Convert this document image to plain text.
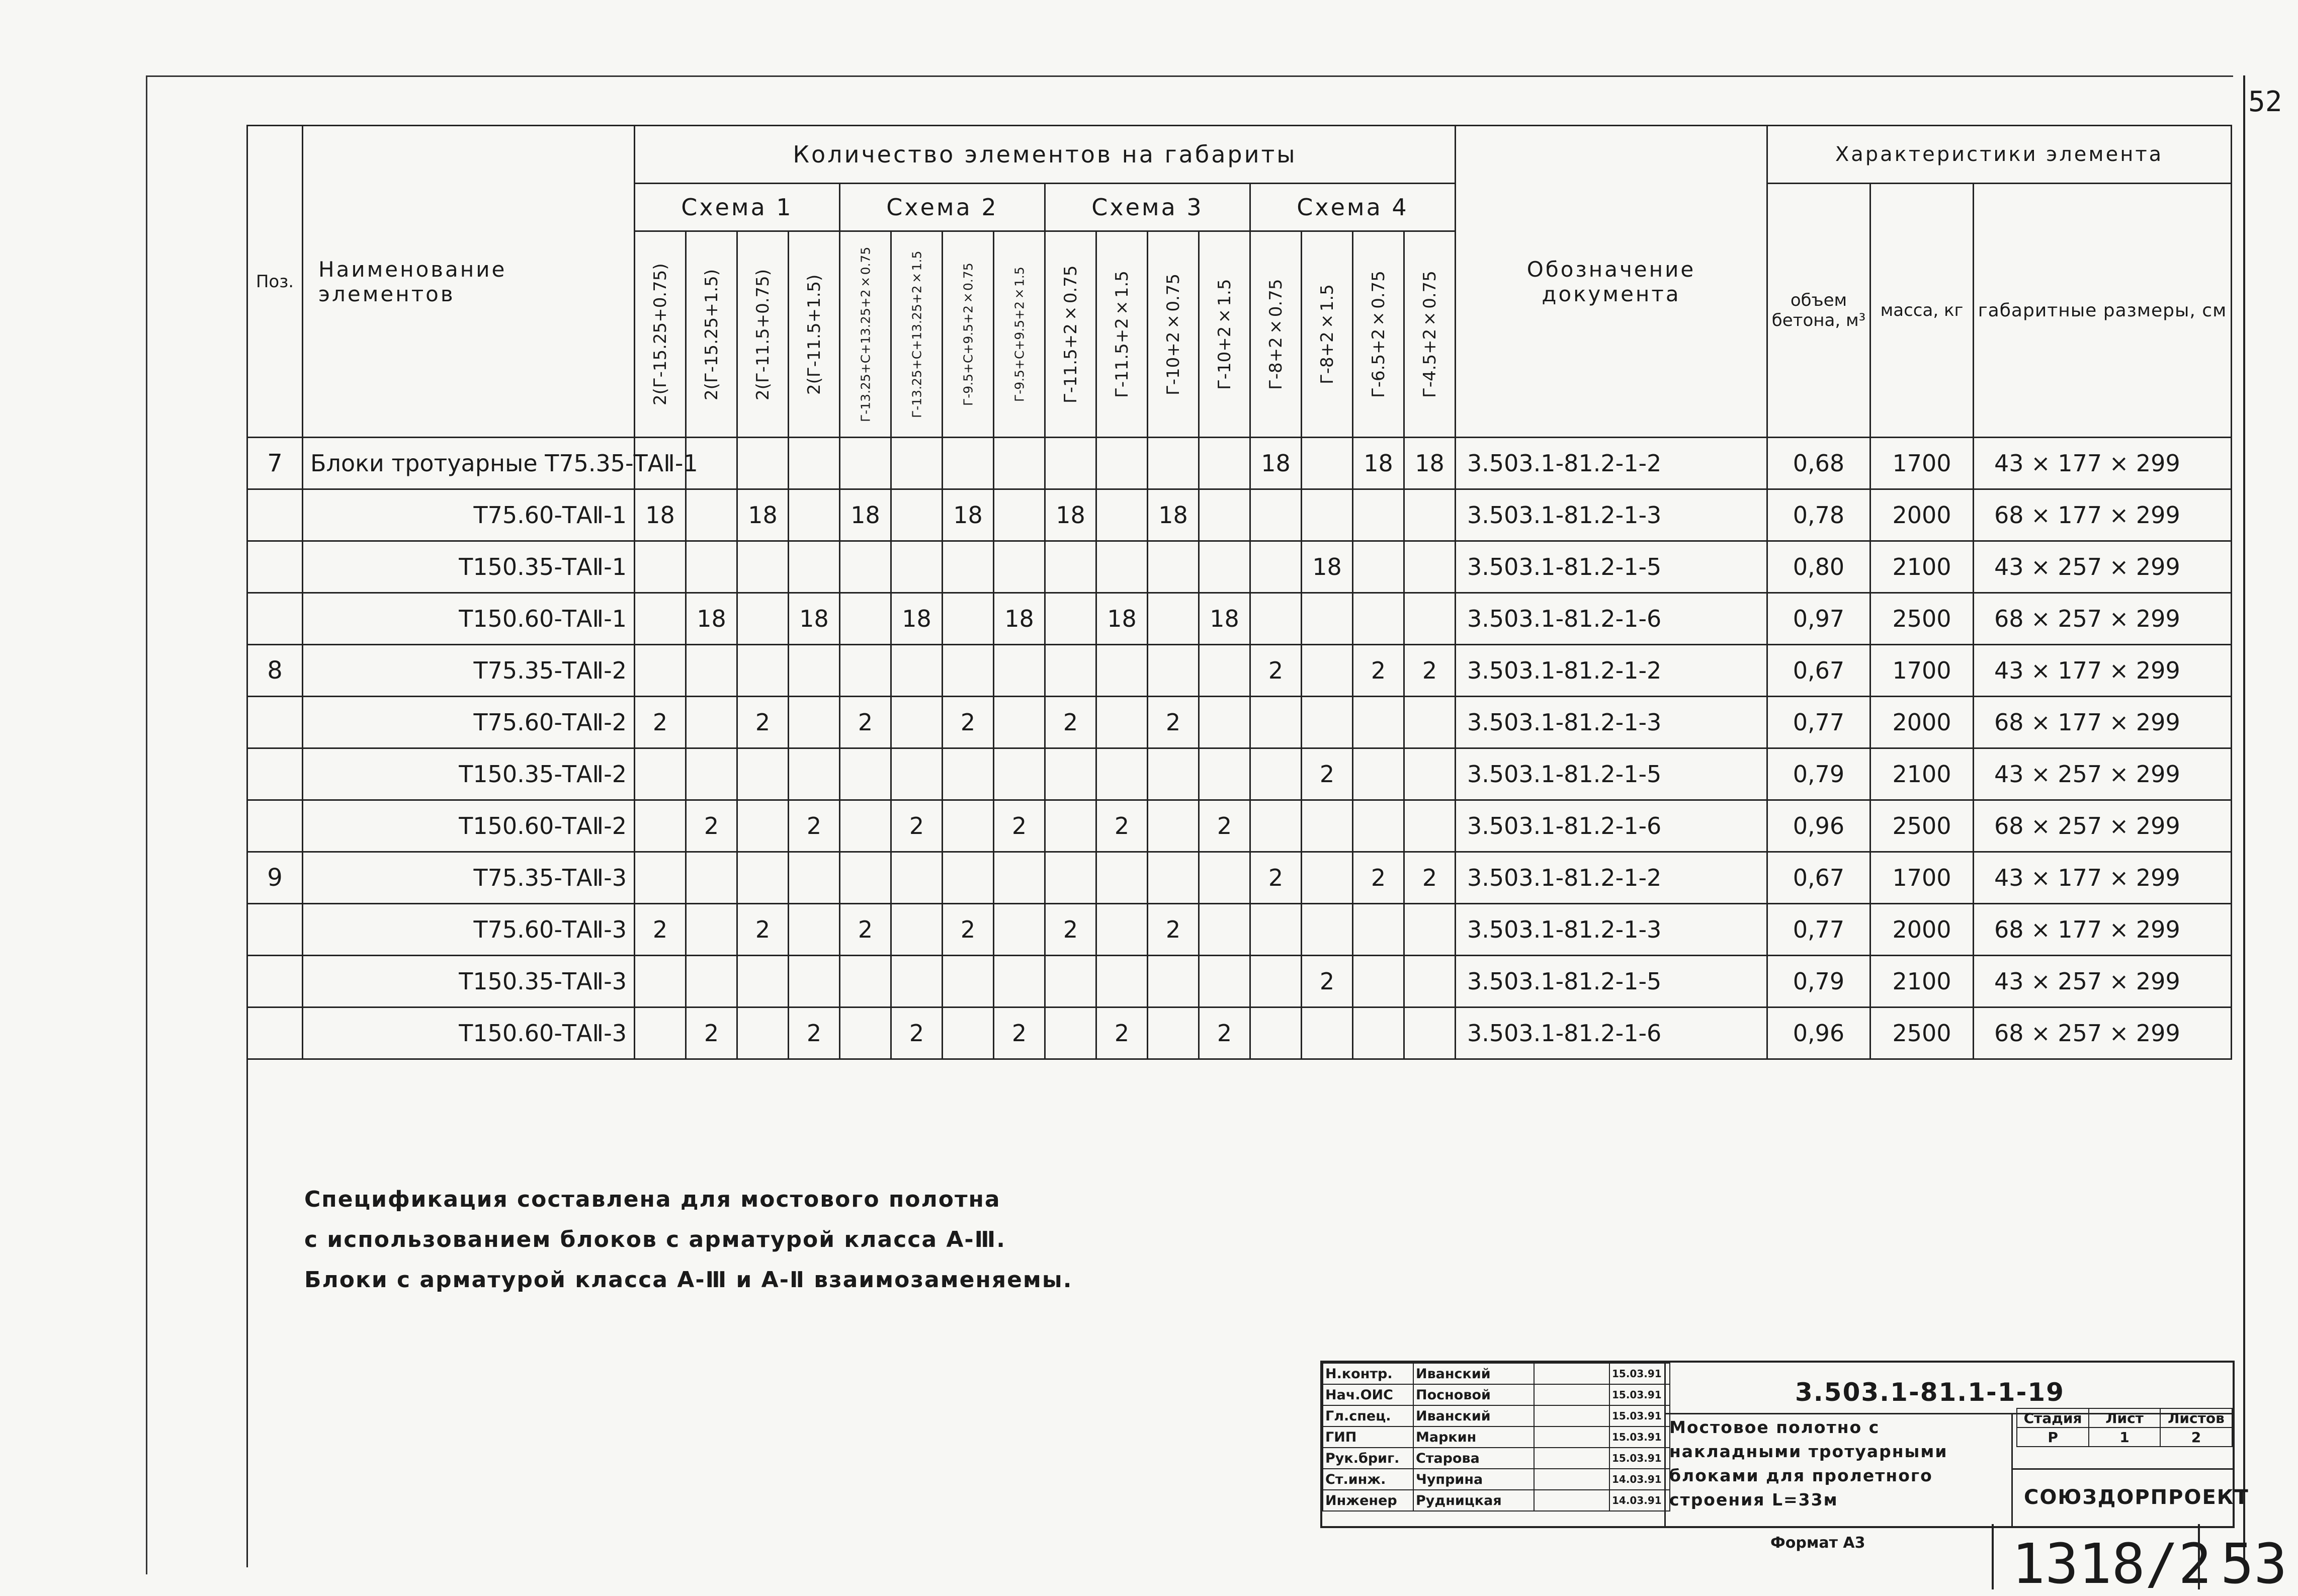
52
Поз.	Наименование элементов	Количество элементов на габариты																Обозначение документа	Характеристики элемента		
		Схема 1				Схема 2				Схема 3				Схема 4					объем бетона, м³	масса, кг	габаритные размеры, см
		2(Г-15.25+0.75)	2(Г-15.25+1.5)	2(Г-11.5+0.75)	2(Г-11.5+1.5)	Г-13.25+С+13.25+2×0.75	Г-13.25+С+13.25+2×1.5	Г-9.5+С+9.5+2×0.75	Г-9.5+С+9.5+2×1.5	Г-11.5+2×0.75	Г-11.5+2×1.5	Г-10+2×0.75	Г-10+2×1.5	Г-8+2×0.75	Г-8+2×1.5	Г-6.5+2×0.75	Г-4.5+2×0.75				
7	Блоки тротуарные Т75.35-ТАⅡ-1													18		18	18	3.503.1-81.2-1-2	0,68	1700	43 × 177 × 299
	Т75.60-ТАⅡ-1	18		18		18		18		18		18						3.503.1-81.2-1-3	0,78	2000	68 × 177 × 299
	Т150.35-ТАⅡ-1														18			3.503.1-81.2-1-5	0,80	2100	43 × 257 × 299
	Т150.60-ТАⅡ-1		18		18		18		18		18		18					3.503.1-81.2-1-6	0,97	2500	68 × 257 × 299
8	Т75.35-ТАⅡ-2													2		2	2	3.503.1-81.2-1-2	0,67	1700	43 × 177 × 299
	Т75.60-ТАⅡ-2	2		2		2		2		2		2						3.503.1-81.2-1-3	0,77	2000	68 × 177 × 299
	Т150.35-ТАⅡ-2														2			3.503.1-81.2-1-5	0,79	2100	43 × 257 × 299
	Т150.60-ТАⅡ-2		2		2		2		2		2		2					3.503.1-81.2-1-6	0,96	2500	68 × 257 × 299
9	Т75.35-ТАⅡ-3													2		2	2	3.503.1-81.2-1-2	0,67	1700	43 × 177 × 299
	Т75.60-ТАⅡ-3	2		2		2		2		2		2						3.503.1-81.2-1-3	0,77	2000	68 × 177 × 299
	Т150.35-ТАⅡ-3														2			3.503.1-81.2-1-5	0,79	2100	43 × 257 × 299
	Т150.60-ТАⅡ-3		2		2		2		2		2		2					3.503.1-81.2-1-6	0,96	2500	68 × 257 × 299

Спецификация составлена для мостового полотна
с использованием блоков с арматурой класса А-Ⅲ.
Блоки с арматурой класса А-Ⅲ и А-Ⅱ взаимозаменяемы.
Н.контр.	Иванский		15.03.91
Нач.ОИС	Посновой		15.03.91
Гл.спец.	Иванский		15.03.91
ГИП	Маркин		15.03.91
Рук.бриг.	Старова		15.03.91
Ст.инж.	Чуприна		14.03.91
Инженер	Рудницкая		14.03.91
3.503.1-81.1-1-19
Мостовое полотно с
накладными тротуарными
блоками для пролетного
строения L=33м
Стадия	Лист	Листов
Р	1	2
СОЮЗДОРПРОЕКТ
Формат А3	1318/2 53
